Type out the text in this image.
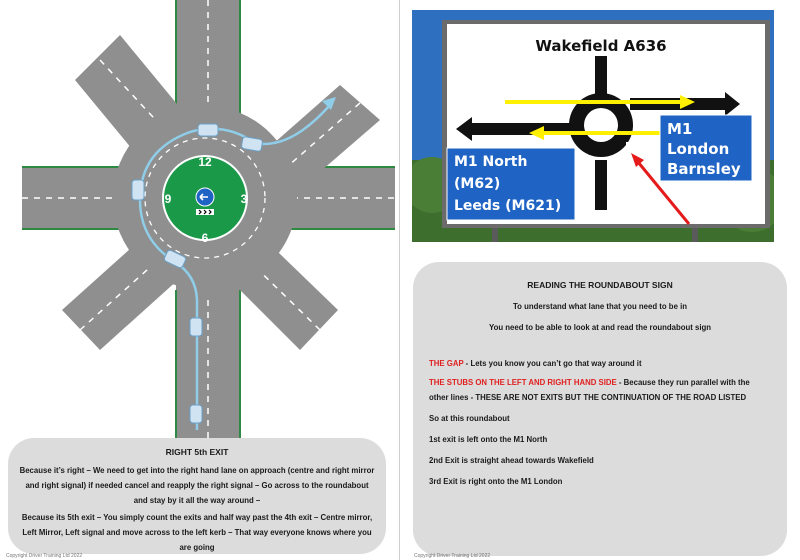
12
3
6
9
RIGHT 5th EXIT

Because it’s right – We need to get into the right hand lane on approach (centre and right mirror and right signal) if needed cancel and reapply the right signal – Go across to the roundabout and stay by it all the way around –

Because its 5th exit – You simply count the exits and half way past the 4th exit – Centre mirror, Left Mirror, Left signal and move across to the left kerb – That way everyone knows where you are going

Copyright Driver Training Ltd 2022
Wakefield A636
M1
London
Barnsley
M1 North
(M62)
Leeds (M621)
READING THE ROUNDABOUT SIGN
To understand what lane that you need to be in
You need to be able to look at and read the roundabout sign
THE GAP - Lets you know you can’t go that way around it
THE STUBS ON THE LEFT AND RIGHT HAND SIDE - Because they run parallel with the other lines - THESE ARE NOT EXITS BUT THE CONTINUATION OF THE ROAD LISTED
So at this roundabout
1st exit is left onto the M1 North
2nd Exit is straight ahead towards Wakefield
3rd Exit is right onto the M1 London
Copyright Driver Training Ltd 2022
